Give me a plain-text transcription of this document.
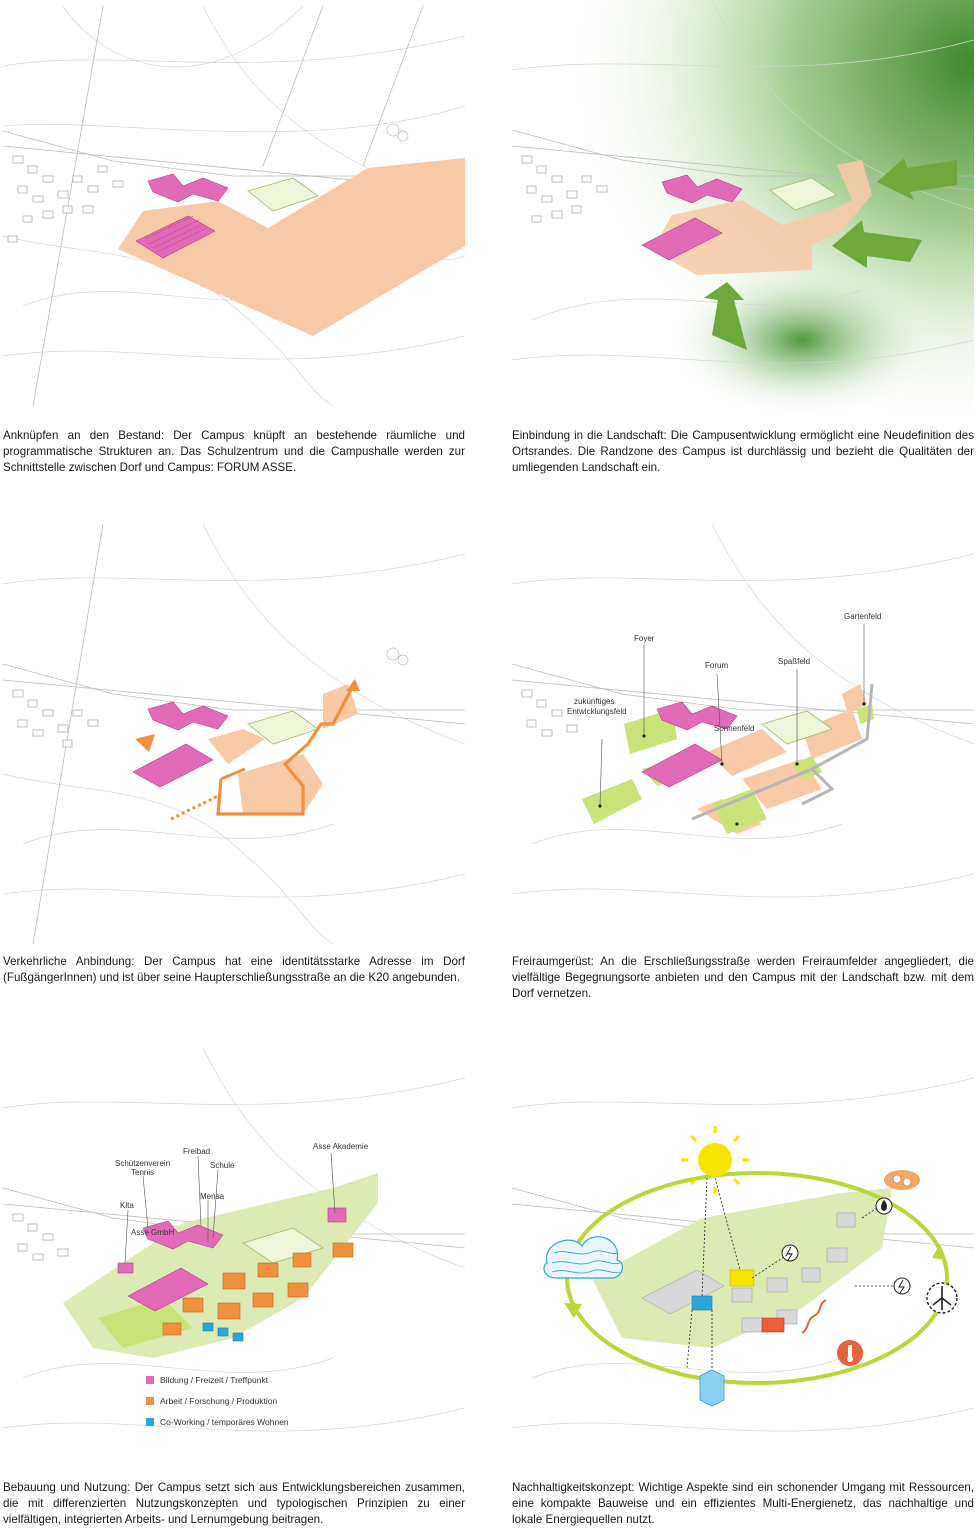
Anknüpfen an den Bestand: Der Campus knüpft an bestehende räumliche und programmatische Strukturen an. Das Schulzentrum und die Campushalle werden zur Schnittstelle zwischen Dorf und Campus: FORUM ASSE.
Einbindung in die Landschaft: Die Campusentwicklung ermöglicht eine Neudefinition des Ortsrandes. Die Randzone des Campus ist durchlässig und bezieht die Qualitäten der umliegenden Landschaft ein.
Verkehrliche Anbindung: Der Campus hat eine identitätsstarke Adresse im Dorf (FußgängerInnen) und ist über seine Haupterschließungsstraße an die K20 angebunden.
Foyer
Forum	Spaßfeld
Gartenfeld
zukünftiges
Entwicklungsfeld
Sonnenfeld
Freiraumgerüst: An die Erschließungsstraße werden Freiraumfelder angegliedert, die vielfältige Begegnungsorte anbieten und den Campus mit der Landschaft bzw. mit dem Dorf vernetzen.
Bildung / Freizeit / Treffpunkt
Arbeit / Forschung / Produktion
Co-Working / temporäres Wohnen
Freibad
Schützenverein
Tennis
Schule
Asse Akademie
Mensa
Kita
Asse GmbH
Bebauung und Nutzung: Der Campus setzt sich aus Entwicklungsbereichen zusammen, die mit differenzierten Nutzungskonzepten und typologischen Prinzipien zu einer vielfältigen, integrierten Arbeits- und Lernumgebung beitragen.
Nachhaltigkeitskonzept: Wichtige Aspekte sind ein schonender Umgang mit Ressourcen, eine kompakte Bauweise und ein effizientes Multi-Energienetz, das nachhaltige und lokale Energiequellen nutzt.
